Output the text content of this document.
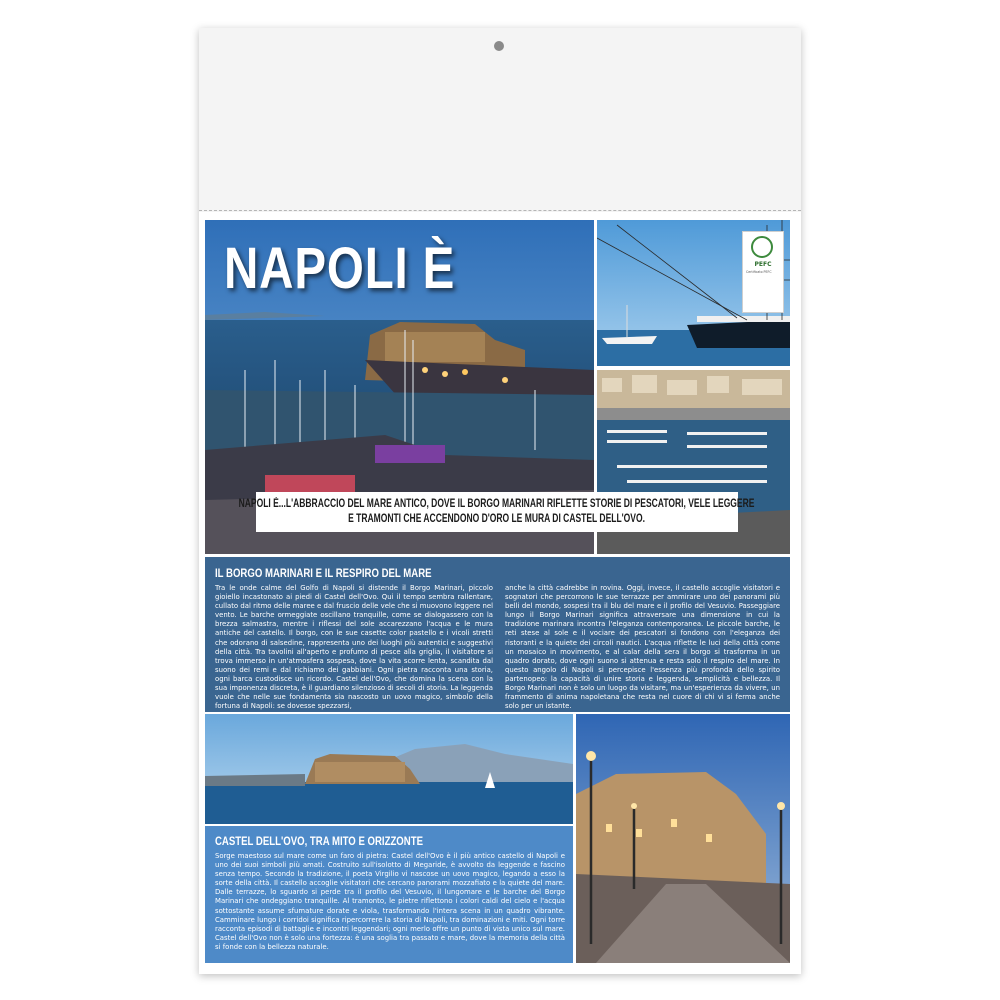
NAPOLI È	PEFC
Certificato PEFC
NAPOLI È...L'ABBRACCIO DEL MARE ANTICO, DOVE IL BORGO MARINARI RIFLETTE STORIE DI PESCATORI, VELE LEGGERE
E TRAMONTI CHE ACCENDONO D'ORO LE MURA DI CASTEL DELL'OVO.
IL BORGO MARINARI E IL RESPIRO DEL MARE
Tra le onde calme del Golfo di Napoli si distende il Borgo Marinari, piccolo gioiello incastonato ai piedi di Castel dell'Ovo. Qui il tempo sembra rallentare, cullato dal ritmo delle maree e dal fruscio delle vele che si muovono leggere nel vento. Le barche ormeggiate oscillano tranquille, come se dialogassero con la brezza salmastra, mentre i riflessi del sole accarezzano l'acqua e le mura antiche del castello. Il borgo, con le sue casette color pastello e i vicoli stretti che odorano di salsedine, rappresenta uno dei luoghi più autentici e suggestivi della città. Tra tavolini all'aperto e profumo di pesce alla griglia, il visitatore si trova immerso in un'atmosfera sospesa, dove la vita scorre lenta, scandita dal suono dei remi e dal richiamo dei gabbiani. Ogni pietra racconta una storia, ogni barca custodisce un ricordo. Castel dell'Ovo, che domina la scena con la sua imponenza discreta, è il guardiano silenzioso di secoli di storia. La leggenda vuole che nelle sue fondamenta sia nascosto un uovo magico, simbolo della fortuna di Napoli: se dovesse spezzarsi,
anche la città cadrebbe in rovina. Oggi, invece, il castello accoglie visitatori e sognatori che percorrono le sue terrazze per ammirare uno dei panorami più belli del mondo, sospesi tra il blu del mare e il profilo del Vesuvio. Passeggiare lungo il Borgo Marinari significa attraversare una dimensione in cui la tradizione marinara incontra l'eleganza contemporanea. Le piccole barche, le reti stese al sole e il vociare dei pescatori si fondono con l'eleganza dei ristoranti e la quiete dei circoli nautici. L'acqua riflette le luci della città come un mosaico in movimento, e al calar della sera il borgo si trasforma in un quadro dorato, dove ogni suono si attenua e resta solo il respiro del mare. In questo angolo di Napoli si percepisce l'essenza più profonda dello spirito partenopeo: la capacità di unire storia e leggenda, semplicità e bellezza. Il Borgo Marinari non è solo un luogo da visitare, ma un'esperienza da vivere, un frammento di anima napoletana che resta nel cuore di chi vi si ferma anche solo per un istante.
CASTEL DELL'OVO, TRA MITO E ORIZZONTE
Sorge maestoso sul mare come un faro di pietra: Castel dell'Ovo è il più antico castello di Napoli e uno dei suoi simboli più amati. Costruito sull'isolotto di Megaride, è avvolto da leggende e fascino senza tempo. Secondo la tradizione, il poeta Virgilio vi nascose un uovo magico, legando a esso la sorte della città. Il castello accoglie visitatori che cercano panorami mozzafiato e la quiete del mare. Dalle terrazze, lo sguardo si perde tra il profilo del Vesuvio, il lungomare e le barche del Borgo Marinari che ondeggiano tranquille. Al tramonto, le pietre riflettono i colori caldi del cielo e l'acqua sottostante assume sfumature dorate e viola, trasformando l'intera scena in un quadro vibrante. Camminare lungo i corridoi significa ripercorrere la storia di Napoli, tra dominazioni e miti. Ogni torre racconta episodi di battaglie e incontri leggendari; ogni merlo offre un punto di vista unico sul mare. Castel dell'Ovo non è solo una fortezza: è una soglia tra passato e mare, dove la memoria della città si fonde con la bellezza naturale.
